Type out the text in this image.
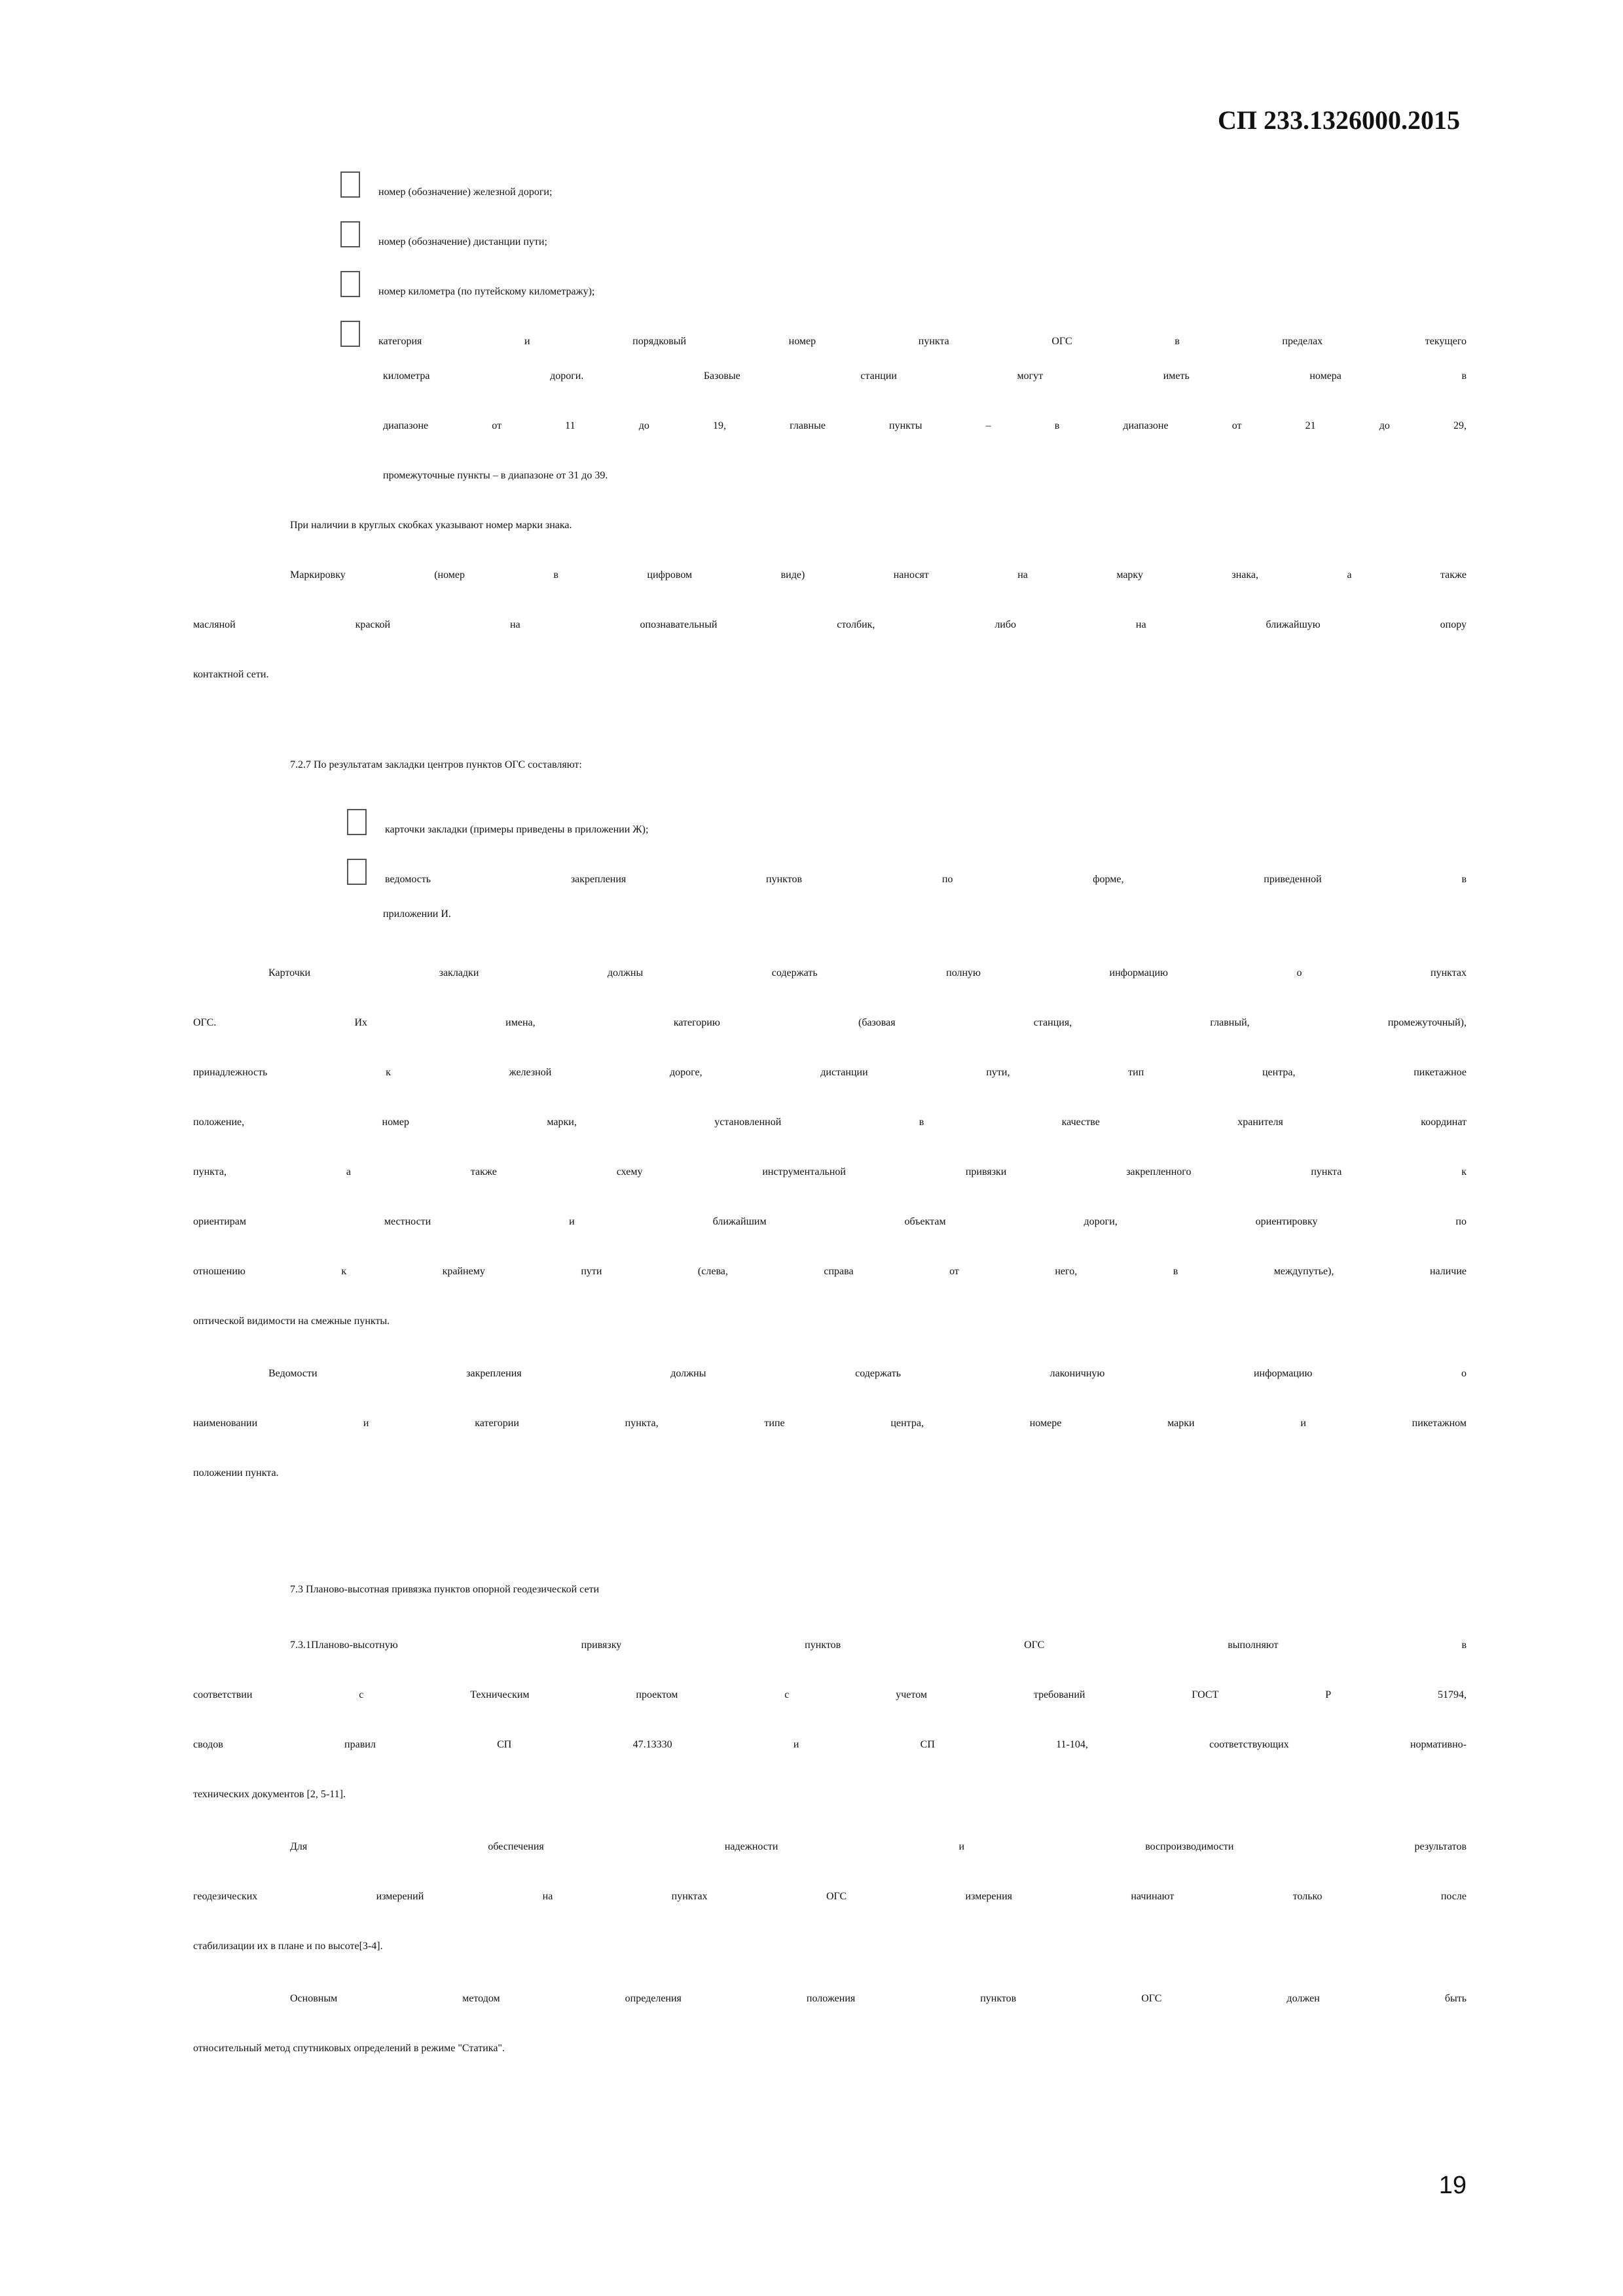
СП 233.1326000.2015
номер (обозначение) железной дороги;
номер (обозначение) дистанции пути;
номер километра (по путейскому километражу);
категория и порядковый номер пункта ОГС в пределах текущего
километра дороги. Базовые станции могут иметь номера в
диапазоне от 11 до 19, главные пункты – в диапазоне от 21 до 29,
промежуточные пункты – в диапазоне от 31 до 39.
При наличии в круглых скобках указывают номер марки знака.
Маркировку (номер в цифровом виде) наносят на марку знака, а также
масляной краской на опознавательный столбик, либо на ближайшую опору
контактной сети.
7.2.7 По результатам закладки центров пунктов ОГС составляют:
карточки закладки (примеры приведены в приложении Ж);
ведомость закрепления пунктов по форме, приведенной в
приложении И.
Карточки закладки должны содержать полную информацию о пунктах
ОГС. Их имена, категорию (базовая станция, главный, промежуточный),
принадлежность к железной дороге, дистанции пути, тип центра, пикетажное
положение, номер марки, установленной в качестве хранителя координат
пункта, а также схему инструментальной привязки закрепленного пункта к
ориентирам местности и ближайшим объектам дороги, ориентировку по
отношению к крайнему пути (слева, справа от него, в междупутье), наличие
оптической видимости на смежные пункты.
Ведомости закрепления должны содержать лаконичную информацию о
наименовании и категории пункта, типе центра, номере марки и пикетажном
положении пункта.
7.3 Планово-высотная привязка пунктов опорной геодезической сети
7.3.1Планово-высотную привязку пунктов ОГС выполняют в
соответствии с Техническим проектом с учетом требований ГОСТ Р 51794,
сводов правил СП 47.13330 и СП 11-104, соответствующих нормативно-
технических документов [2, 5-11].
Для обеспечения надежности и воспроизводимости результатов
геодезических измерений на пунктах ОГС измерения начинают только после
стабилизации их в плане и по высоте[3-4].
Основным методом определения положения пунктов ОГС должен быть
относительный метод спутниковых определений в режиме "Статика".
19
